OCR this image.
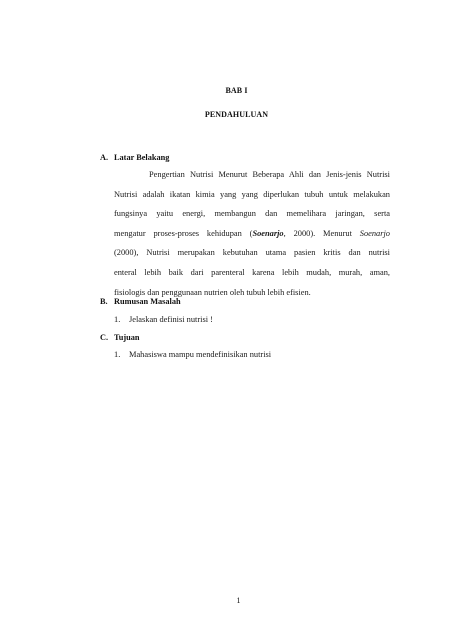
BAB I
PENDAHULUAN
A. Latar Belakang
Pengertian Nutrisi Menurut Beberapa Ahli dan Jenis-jenis Nutrisi
Nutrisi adalah ikatan kimia yang yang diperlukan tubuh untuk melakukan
fungsinya yaitu energi, membangun dan memelihara jaringan, serta
mengatur proses-proses kehidupan (Soenarjo, 2000). Menurut Soenarjo
(2000), Nutrisi merupakan kebutuhan utama pasien kritis dan nutrisi
enteral lebih baik dari parenteral karena lebih mudah, murah, aman,
fisiologis dan penggunaan nutrien oleh tubuh lebih efisien.
B. Rumusan Masalah
1. Jelaskan definisi nutrisi !
C. Tujuan
1. Mahasiswa mampu mendefinisikan nutrisi
1
